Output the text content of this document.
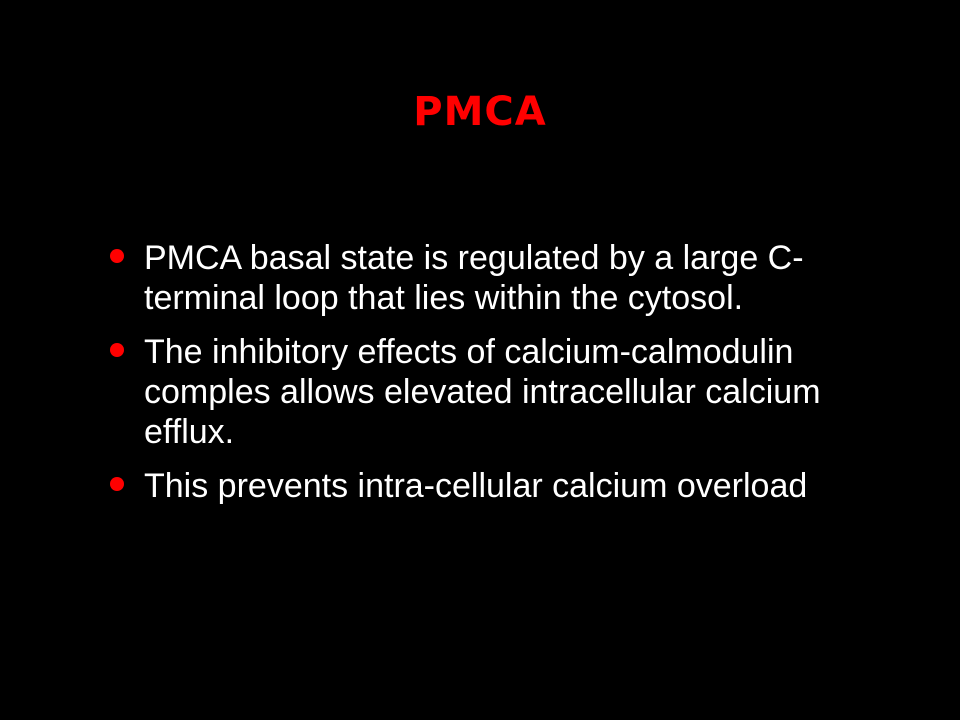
PMCA
PMCA basal state is regulated by a large C-terminal loop that lies within the cytosol.
The inhibitory effects of calcium-calmodulin comples allows elevated intracellular calcium efflux.
This prevents intra-cellular calcium overload
